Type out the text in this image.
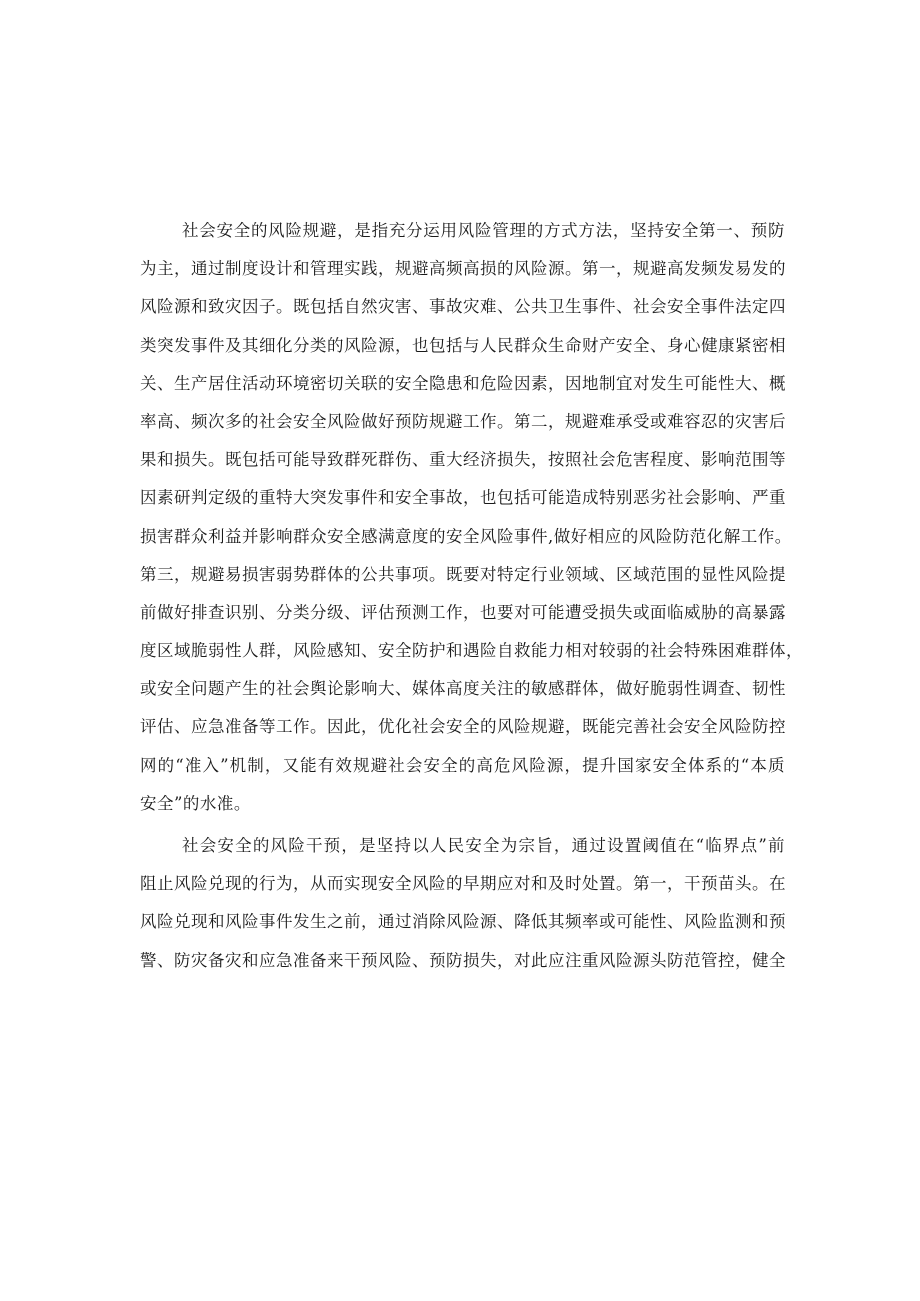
社会安全的风险规避，是指充分运用风险管理的方式方法，坚持安全第一、预防
为主，通过制度设计和管理实践，规避高频高损的风险源。第一，规避高发频发易发的
风险源和致灾因子。既包括自然灾害、事故灾难、公共卫生事件、社会安全事件法定四
类突发事件及其细化分类的风险源，也包括与人民群众生命财产安全、身心健康紧密相
关、生产居住活动环境密切关联的安全隐患和危险因素，因地制宜对发生可能性大、概
率高、频次多的社会安全风险做好预防规避工作。第二，规避难承受或难容忍的灾害后
果和损失。既包括可能导致群死群伤、重大经济损失，按照社会危害程度、影响范围等
因素研判定级的重特大突发事件和安全事故，也包括可能造成特别恶劣社会影响、严重
损害群众利益并影响群众安全感满意度的安全风险事件,做好相应的风险防范化解工作。
第三，规避易损害弱势群体的公共事项。既要对特定行业领域、区域范围的显性风险提
前做好排查识别、分类分级、评估预测工作，也要对可能遭受损失或面临威胁的高暴露
度区域脆弱性人群，风险感知、安全防护和遇险自救能力相对较弱的社会特殊困难群体，
或安全问题产生的社会舆论影响大、媒体高度关注的敏感群体，做好脆弱性调查、韧性
评估、应急准备等工作。因此，优化社会安全的风险规避，既能完善社会安全风险防控
网的“准入”机制，又能有效规避社会安全的高危风险源，提升国家安全体系的“本质
安全”的水准。
社会安全的风险干预，是坚持以人民安全为宗旨，通过设置阈值在“临界点”前
阻止风险兑现的行为，从而实现安全风险的早期应对和及时处置。第一，干预苗头。在
风险兑现和风险事件发生之前，通过消除风险源、降低其频率或可能性、风险监测和预
警、防灾备灾和应急准备来干预风险、预防损失，对此应注重风险源头防范管控，健全
